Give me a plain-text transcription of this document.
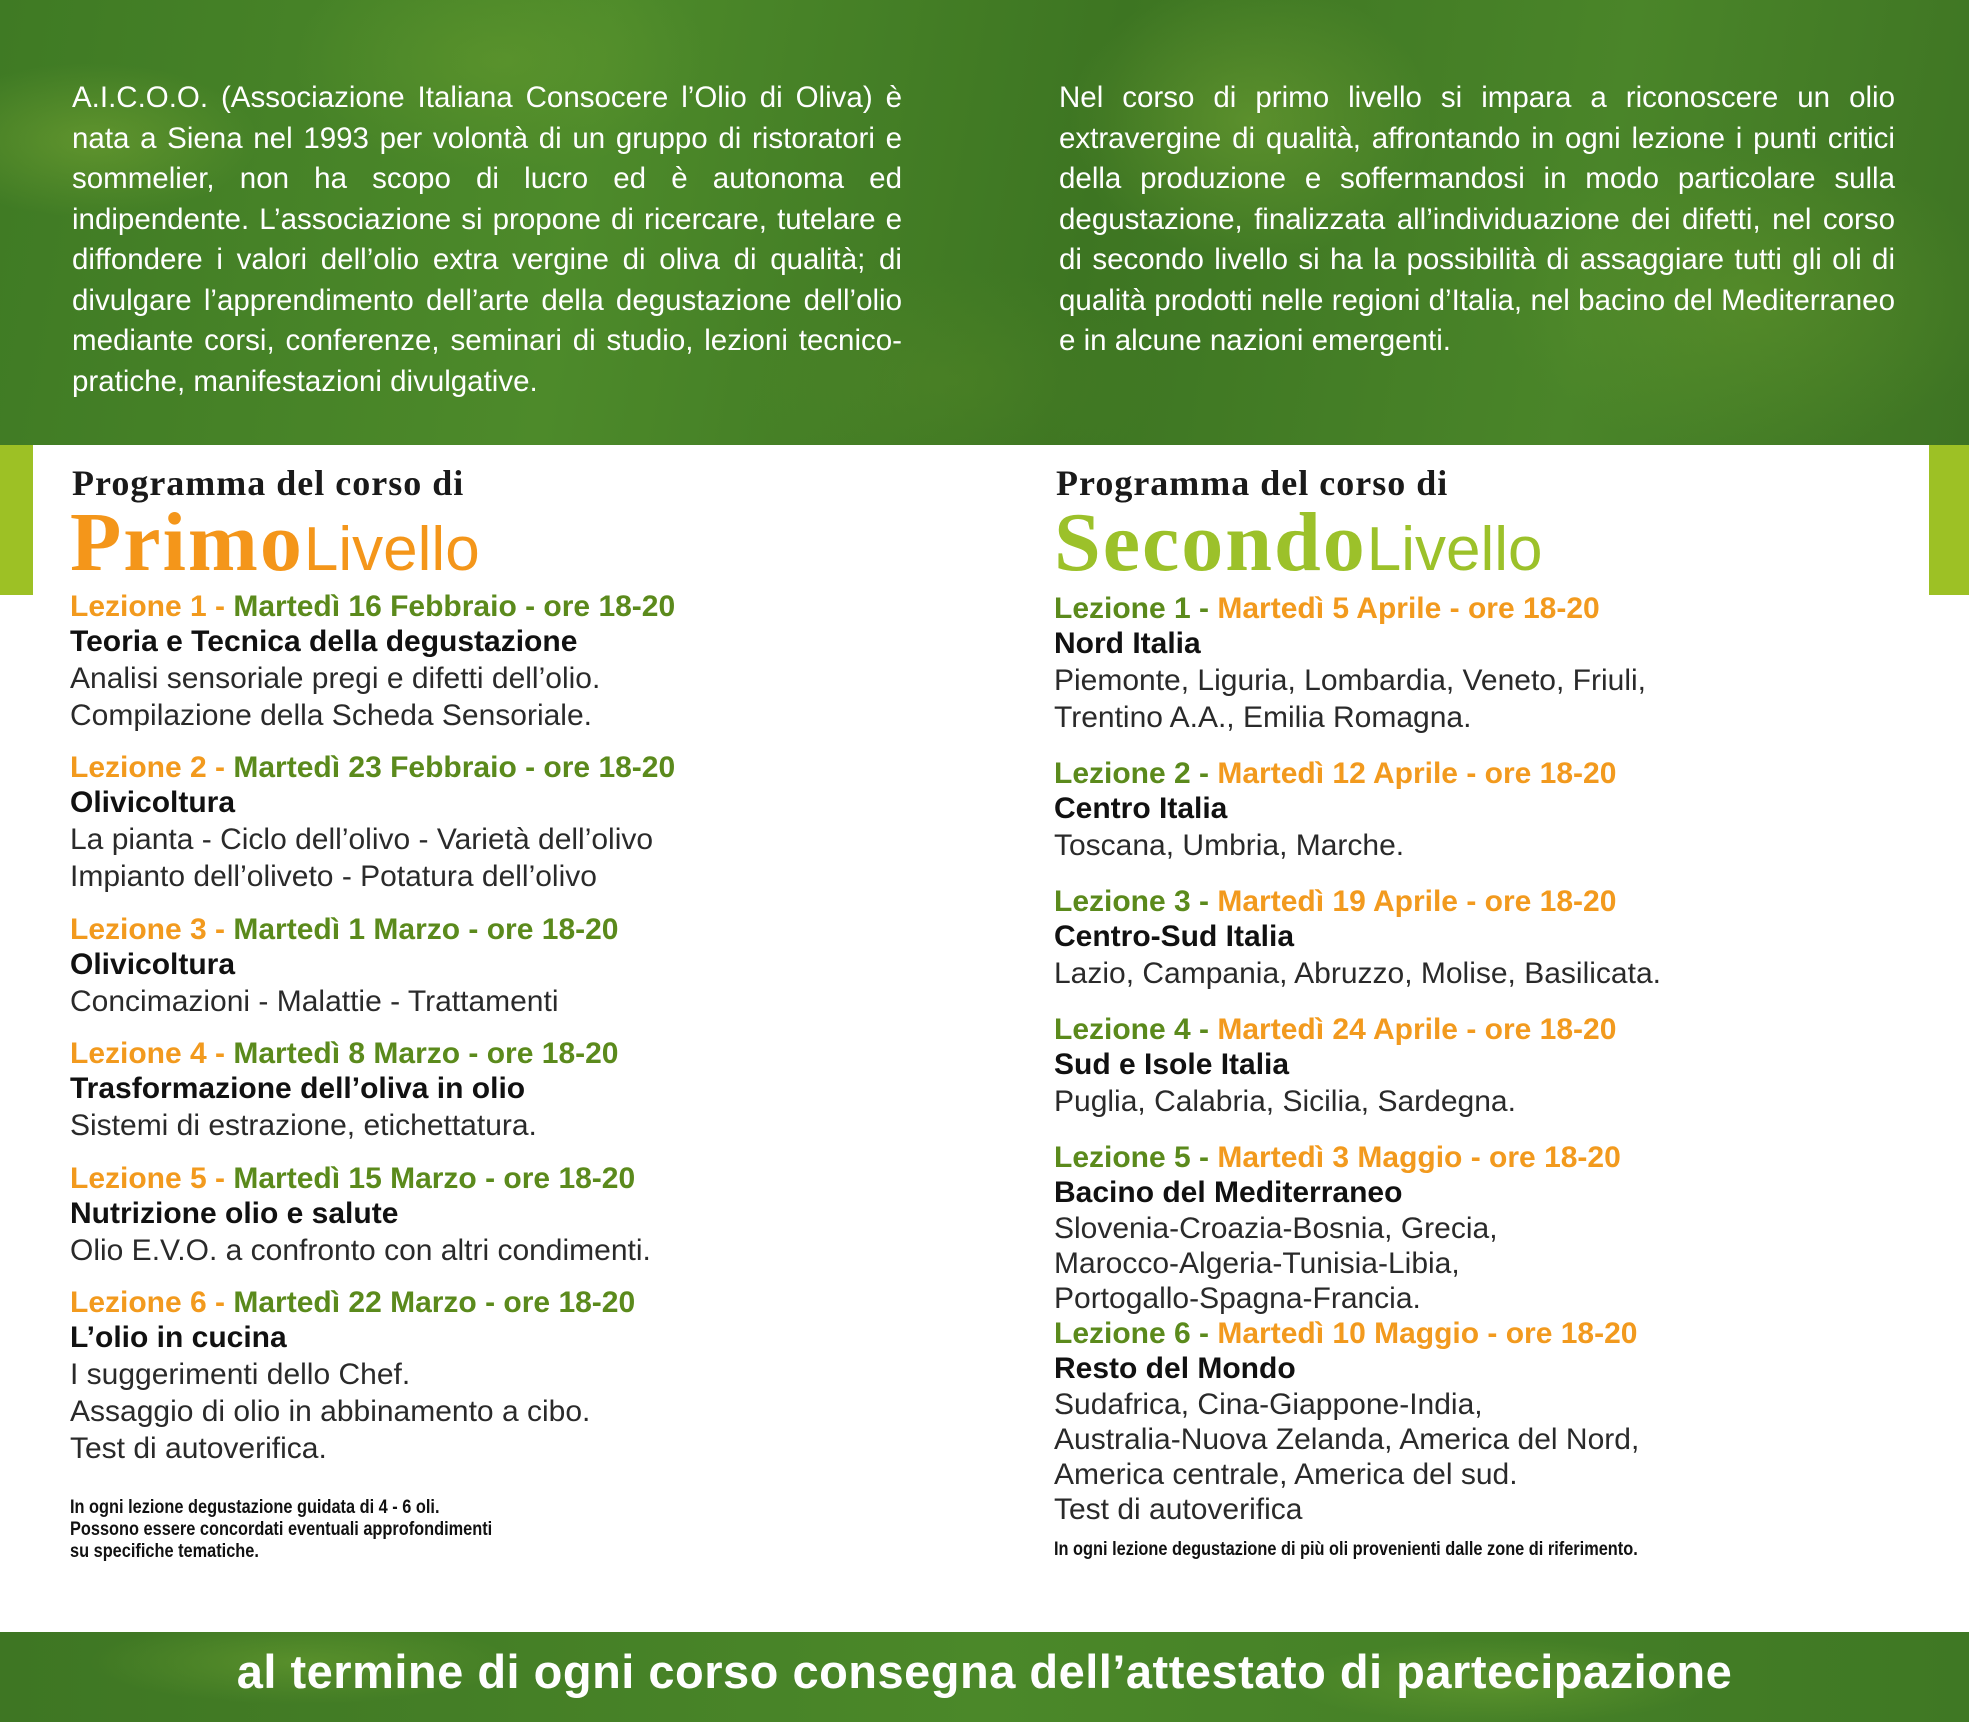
A.I.C.O.O. (Associazione Italiana Consocere l’Olio di Oliva) è nata a Siena nel 1993 per volontà di un gruppo di ristoratori e sommelier, non ha scopo di lucro ed è autonoma ed indipendente. L’associazione si propone di ricercare, tutelare e diffondere i valori dell’olio extra vergine di oliva di qualità; di divulgare l’apprendimento dell’arte della degustazione dell’olio mediante corsi, conferenze, seminari di studio, lezioni tecnico-pratiche, manifestazioni divulgative.
Nel corso di primo livello si impara a riconoscere un olio extravergine di qualità, affrontando in ogni lezione i punti critici della produzione e soffermandosi in modo particolare sulla degustazione, finalizzata all’individuazione dei difetti, nel corso di secondo livello si ha la possibilità di assaggiare tutti gli oli di qualità prodotti nelle regioni d’Italia, nel bacino del Mediterraneo e in alcune nazioni emergenti.
Programma del corso di
PrimoLivello
Lezione 1 - Martedì 16 Febbraio - ore 18-20
Teoria e Tecnica della degustazione
Analisi sensoriale pregi e difetti dell’olio.
Compilazione della Scheda Sensoriale.
Lezione 2 - Martedì 23 Febbraio - ore 18-20
Olivicoltura
La pianta - Ciclo dell’olivo - Varietà dell’olivo
Impianto dell’oliveto - Potatura dell’olivo
Lezione 3 - Martedì 1 Marzo - ore 18-20
Olivicoltura
Concimazioni - Malattie - Trattamenti
Lezione 4 - Martedì 8 Marzo - ore 18-20
Trasformazione dell’oliva in olio
Sistemi di estrazione, etichettatura.
Lezione 5 - Martedì 15 Marzo - ore 18-20
Nutrizione olio e salute
Olio E.V.O. a confronto con altri condimenti.
Lezione 6 - Martedì 22 Marzo - ore 18-20
L’olio in cucina
I suggerimenti dello Chef.
Assaggio di olio in abbinamento a cibo.
Test di autoverifica.
In ogni lezione degustazione guidata di 4 - 6 oli.
Possono essere concordati eventuali approfondimenti
su specifiche tematiche.
Programma del corso di
SecondoLivello
Lezione 1 - Martedì 5 Aprile - ore 18-20
Nord Italia
Piemonte, Liguria, Lombardia, Veneto, Friuli,
Trentino A.A., Emilia Romagna.
Lezione 2 - Martedì 12 Aprile - ore 18-20
Centro Italia
Toscana, Umbria, Marche.
Lezione 3 - Martedì 19 Aprile - ore 18-20
Centro-Sud Italia
Lazio, Campania, Abruzzo, Molise, Basilicata.
Lezione 4 - Martedì 24 Aprile - ore 18-20
Sud e Isole Italia
Puglia, Calabria, Sicilia, Sardegna.
Lezione 5 - Martedì 3 Maggio - ore 18-20
Bacino del Mediterraneo
Slovenia-Croazia-Bosnia, Grecia,
Marocco-Algeria-Tunisia-Libia,
Portogallo-Spagna-Francia.
Lezione 6 - Martedì 10 Maggio - ore 18-20
Resto del Mondo
Sudafrica, Cina-Giappone-India,
Australia-Nuova Zelanda, America del Nord,
America centrale, America del sud.
Test di autoverifica
In ogni lezione degustazione di più oli provenienti dalle zone di riferimento.
al termine di ogni corso consegna dell’attestato di partecipazione
